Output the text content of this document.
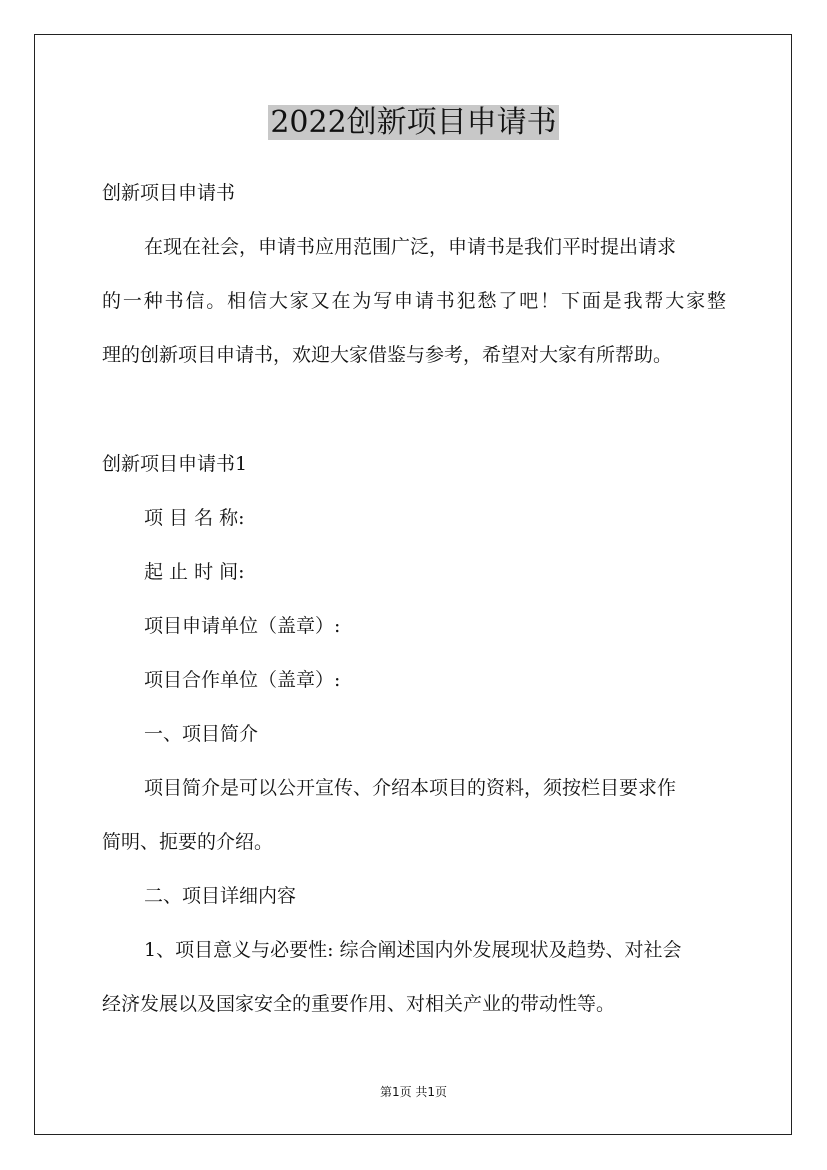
2022创新项目申请书
创新项目申请书
在现在社会，申请书应用范围广泛，申请书是我们平时提出请求
的一种书信。相信大家又在为写申请书犯愁了吧！下面是我帮大家整
理的创新项目申请书，欢迎大家借鉴与参考，希望对大家有所帮助。
创新项目申请书1
项 目 名 称:
起 止 时 间:
项目申请单位（盖章）:
项目合作单位（盖章）:
一、项目简介
项目简介是可以公开宣传、介绍本项目的资料，须按栏目要求作
简明、扼要的介绍。
二、项目详细内容
1、项目意义与必要性: 综合阐述国内外发展现状及趋势、对社会
经济发展以及国家安全的重要作用、对相关产业的带动性等。
第1页 共1页
